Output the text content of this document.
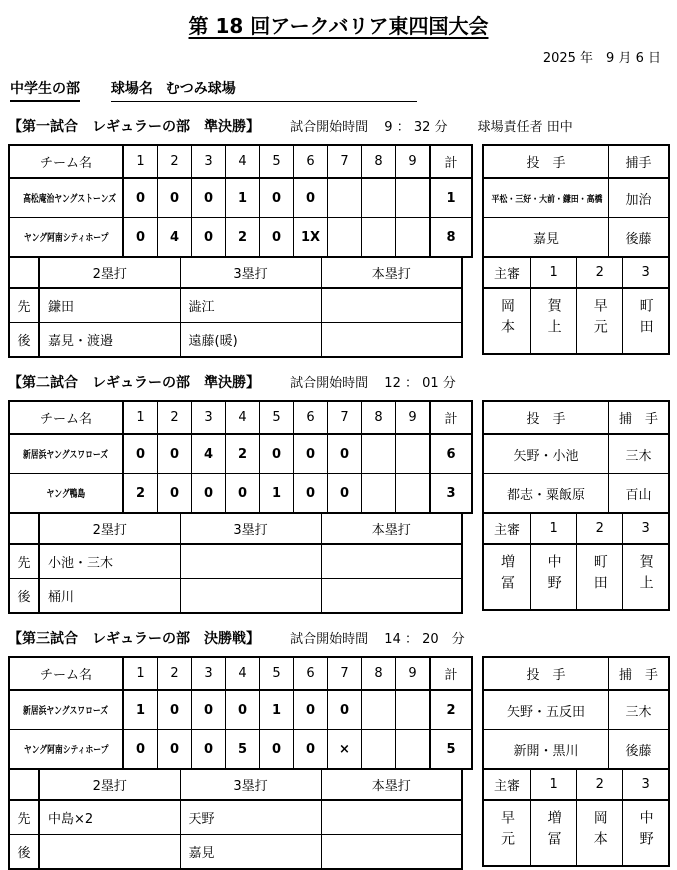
第 18 回アークバリア東四国大会
2025 年　9 月 6 日
中学生の部 球場名 むつみ球場
【第一試合　レギュラーの部　準決勝】 試合開始時間 9 ： 32 分 球場責任者 田中
チーム名	1	2	3	4	5	6	7	8	9	計
高松庵治ヤングストーンズ	0	0	0	1	0	0				1
ヤング阿南シティホープ	0	4	0	2	0	1X				8
	2塁打	3塁打	本塁打
先	鎌田	澁江	
後	嘉見・渡邉	遠藤(暖)	
投　手	捕手
平松・三好・大前・鎌田・高橋	加治
嘉見	後藤
主審	1	2	3
岡本	賀上	早元	町田
【第二試合　レギュラーの部　準決勝】 試合開始時間 12 ： 01 分
チーム名	1	2	3	4	5	6	7	8	9	計
新居浜ヤングスワローズ	0	0	4	2	0	0	0			6
ヤング鴨島	2	0	0	0	1	0	0			3
	2塁打	3塁打	本塁打
先	小池・三木		
後	桶川		
投　手	捕　手
矢野・小池	三木
都志・粟飯原	百山
主審	1	2	3
増冨	中野	町田	賀上
【第三試合　レギュラーの部　決勝戦】 試合開始時間 14 ： 20　分
チーム名	1	2	3	4	5	6	7	8	9	計
新居浜ヤングスワローズ	1	0	0	0	1	0	0			2
ヤング阿南シティホープ	0	0	0	5	0	0	×			5
	2塁打	3塁打	本塁打
先	中島×2	天野	
後		嘉見	
投　手	捕　手
矢野・五反田	三木
新開・黒川	後藤
主審	1	2	3
早元	増冨	岡本	中野
